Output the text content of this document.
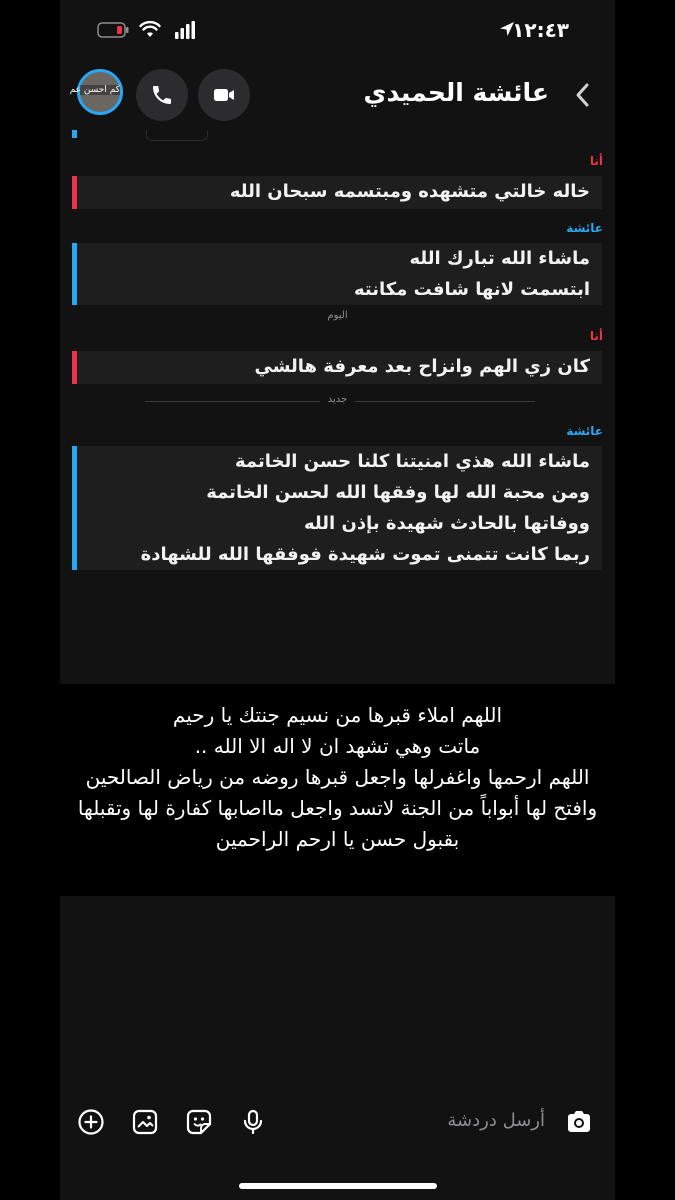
١٢:٤٣
كم احسن عم	عائشة الحميدي
أنا
خاله خالتي متشهده ومبتسمه سبحان الله
عائشة
ماشاء الله تبارك الله
ابتسمت لانها شافت مكانته
اليوم
أنا
كان زي الهم وانزاح بعد معرفة هالشي
جديد
عائشة
ماشاء الله هذي امنيتنا كلنا حسن الخاتمة
ومن محبة الله لها وفقها الله لحسن الخاتمة
ووفاتها بالحادث شهيدة بإذن الله
ربما كانت تتمنى تموت شهيدة فوفقها الله للشهادة
اللهم املاء قبرها من نسيم جنتك يا رحيم
ماتت وهي تشهد ان لا اله الا الله ..
اللهم ارحمها واغفرلها واجعل قبرها روضه من رياض الصالحين
وافتح لها أبواباً من الجنة لاتسد واجعل مااصابها كفارة لها وتقبلها
بقبول حسن يا ارحم الراحمين
أرسل دردشة
